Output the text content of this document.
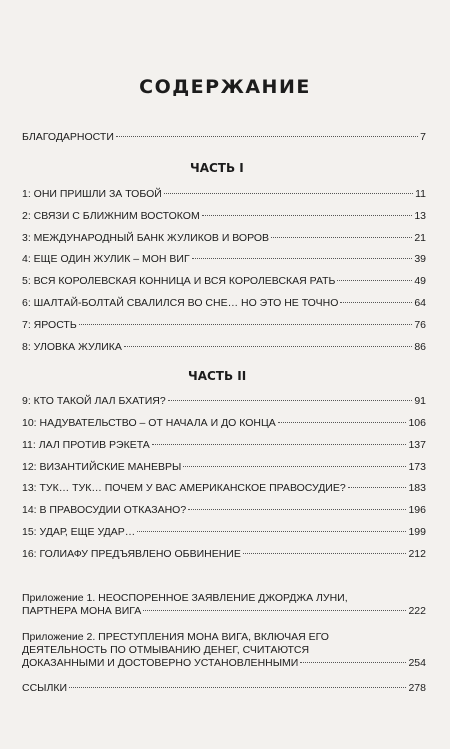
СОДЕРЖАНИЕ
БЛАГОДАРНОСТИ	7
ЧАСТЬ I
1: ОНИ ПРИШЛИ ЗА ТОБОЙ	11
2: СВЯЗИ С БЛИЖНИМ ВОСТОКОМ	13
3: МЕЖДУНАРОДНЫЙ БАНК ЖУЛИКОВ И ВОРОВ	21
4: ЕЩЕ ОДИН ЖУЛИК – МОН ВИГ	39
5: ВСЯ КОРОЛЕВСКАЯ КОННИЦА И ВСЯ КОРОЛЕВСКАЯ РАТЬ	49
6: ШАЛТАЙ-БОЛТАЙ СВАЛИЛСЯ ВО СНЕ… НО ЭТО НЕ ТОЧНО	64
7: ЯРОСТЬ	76
8: УЛОВКА ЖУЛИКА	86
ЧАСТЬ II
9: КТО ТАКОЙ ЛАЛ БХАТИЯ?	91
10: НАДУВАТЕЛЬСТВО – ОТ НАЧАЛА И ДО КОНЦА	106
11: ЛАЛ ПРОТИВ РЭКЕТА	137
12: ВИЗАНТИЙСКИЕ МАНЕВРЫ	173
13: ТУК… ТУК… ПОЧЕМ У ВАС АМЕРИКАНСКОЕ ПРАВОСУДИЕ?	183
14: В ПРАВОСУДИИ ОТКАЗАНО?	196
15: УДАР, ЕЩЕ УДАР…	199
16: ГОЛИАФУ ПРЕДЪЯВЛЕНО ОБВИНЕНИЕ	212
Приложение 1. НЕОСПОРЕННОЕ ЗАЯВЛЕНИЕ ДЖОРДЖА ЛУНИ,
ПАРТНЕРА МОНА ВИГА	222
Приложение 2. ПРЕСТУПЛЕНИЯ МОНА ВИГА, ВКЛЮЧАЯ ЕГО
ДЕЯТЕЛЬНОСТЬ ПО ОТМЫВАНИЮ ДЕНЕГ, СЧИТАЮТСЯ
ДОКАЗАННЫМИ И ДОСТОВЕРНО УСТАНОВЛЕННЫМИ	254
ССЫЛКИ	278
